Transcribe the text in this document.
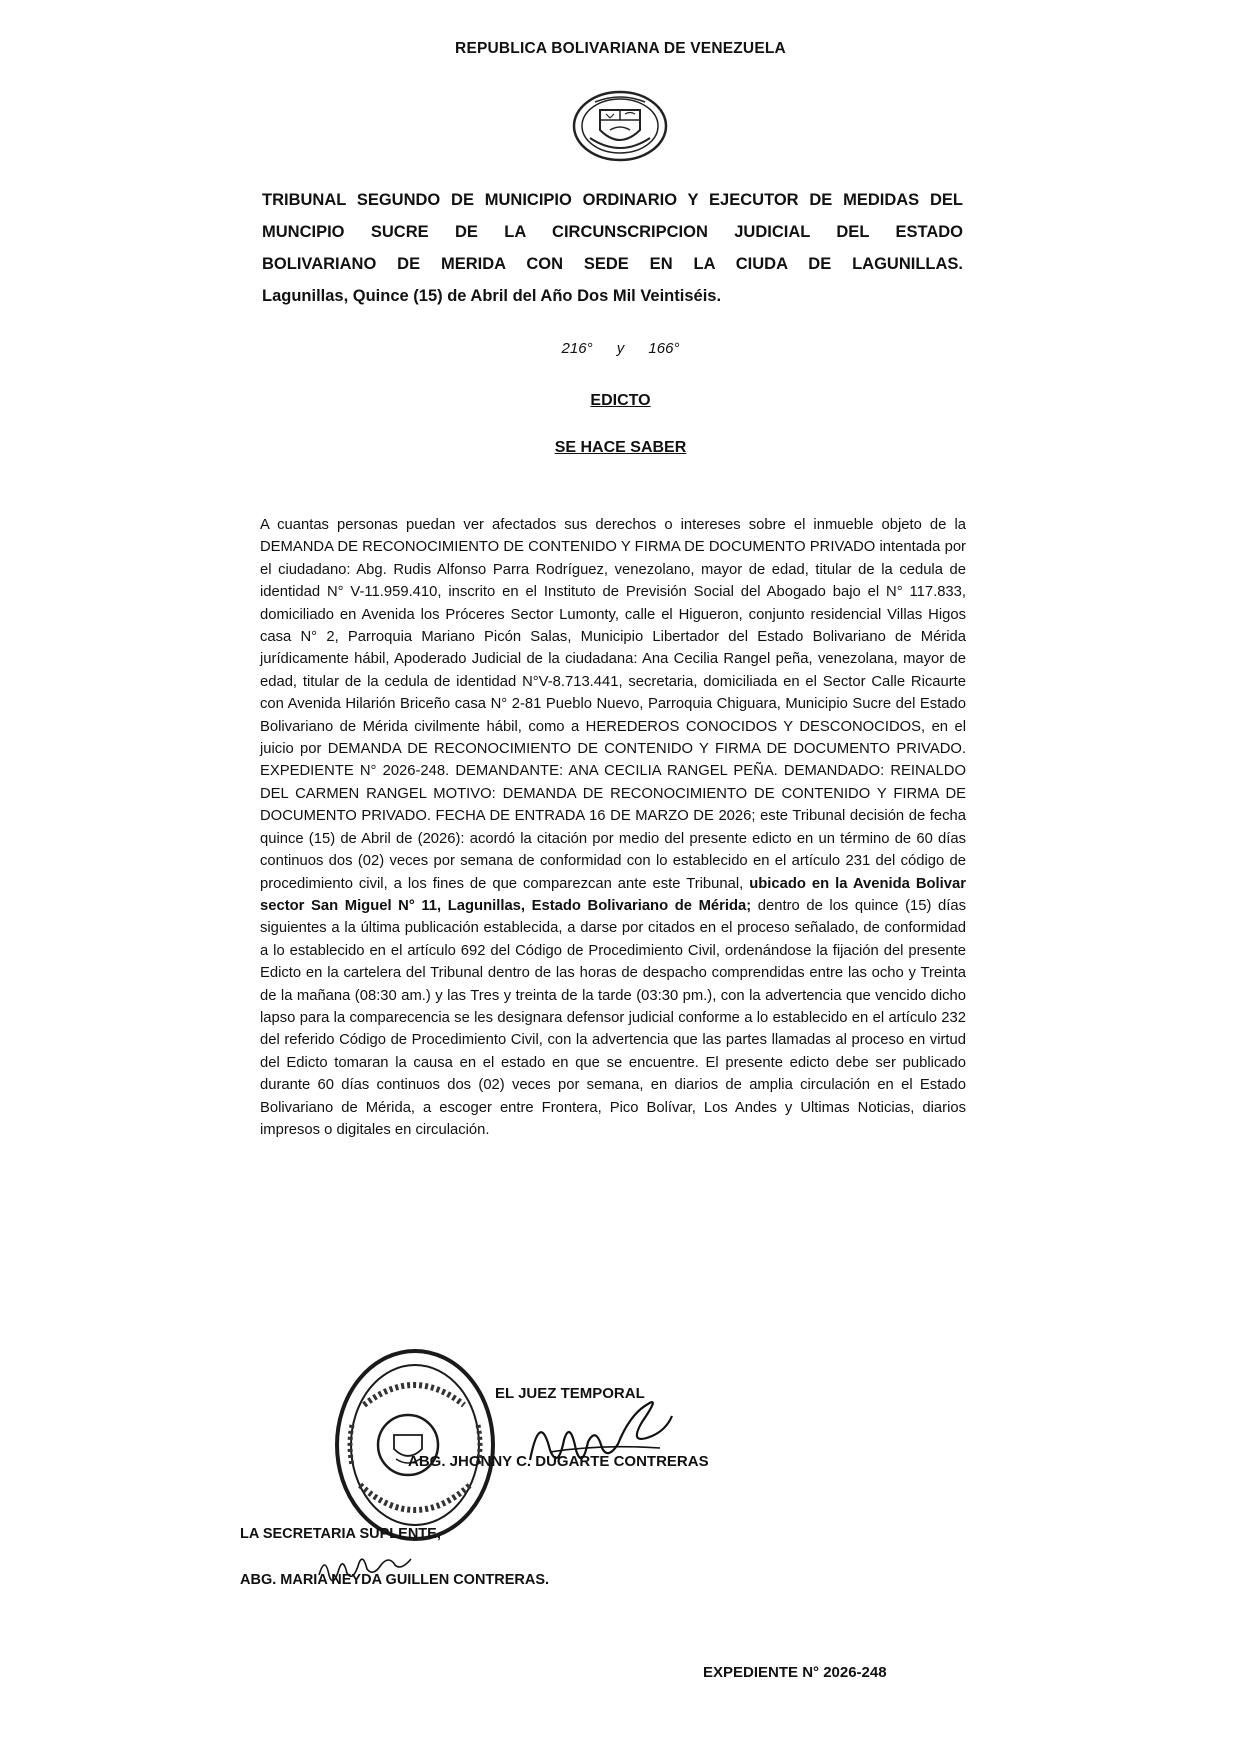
REPUBLICA BOLIVARIANA DE VENEZUELA
TRIBUNAL SEGUNDO DE MUNICIPIO ORDINARIO Y EJECUTOR DE MEDIDAS DEL
MUNCIPIO SUCRE DE LA CIRCUNSCRIPCION JUDICIAL DEL ESTADO
BOLIVARIANO DE MERIDA CON SEDE EN LA CIUDA DE LAGUNILLAS.
Lagunillas, Quince (15) de Abril del Año Dos Mil Veintiséis.
216° y 166°
EDICTO
SE HACE SABER
A cuantas personas puedan ver afectados sus derechos o intereses sobre el inmueble objeto de la DEMANDA DE RECONOCIMIENTO DE CONTENIDO Y FIRMA DE DOCUMENTO PRIVADO intentada por el ciudadano: Abg. Rudis Alfonso Parra Rodríguez, venezolano, mayor de edad, titular de la cedula de identidad N° V-11.959.410, inscrito en el Instituto de Previsión Social del Abogado bajo el N° 117.833, domiciliado en Avenida los Próceres Sector Lumonty, calle el Higueron, conjunto residencial Villas Higos casa N° 2, Parroquia Mariano Picón Salas, Municipio Libertador del Estado Bolivariano de Mérida jurídicamente hábil, Apoderado Judicial de la ciudadana: Ana Cecilia Rangel peña, venezolana, mayor de edad, titular de la cedula de identidad N°V-8.713.441, secretaria, domiciliada en el Sector Calle Ricaurte con Avenida Hilarión Briceño casa N° 2-81 Pueblo Nuevo, Parroquia Chiguara, Municipio Sucre del Estado Bolivariano de Mérida civilmente hábil, como a HEREDEROS CONOCIDOS Y DESCONOCIDOS, en el juicio por DEMANDA DE RECONOCIMIENTO DE CONTENIDO Y FIRMA DE DOCUMENTO PRIVADO. EXPEDIENTE N° 2026-248. DEMANDANTE: ANA CECILIA RANGEL PEÑA. DEMANDADO: REINALDO DEL CARMEN RANGEL MOTIVO: DEMANDA DE RECONOCIMIENTO DE CONTENIDO Y FIRMA DE DOCUMENTO PRIVADO. FECHA DE ENTRADA 16 DE MARZO DE 2026; este Tribunal decisión de fecha quince (15) de Abril de (2026): acordó la citación por medio del presente edicto en un término de 60 días continuos dos (02) veces por semana de conformidad con lo establecido en el artículo 231 del código de procedimiento civil, a los fines de que comparezcan ante este Tribunal, ubicado en la Avenida Bolivar sector San Miguel N° 11, Lagunillas, Estado Bolivariano de Mérida; dentro de los quince (15) días siguientes a la última publicación establecida, a darse por citados en el proceso señalado, de conformidad a lo establecido en el artículo 692 del Código de Procedimiento Civil, ordenándose la fijación del presente Edicto en la cartelera del Tribunal dentro de las horas de despacho comprendidas entre las ocho y Treinta de la mañana (08:30 am.) y las Tres y treinta de la tarde (03:30 pm.), con la advertencia que vencido dicho lapso para la comparecencia se les designara defensor judicial conforme a lo establecido en el artículo 232 del referido Código de Procedimiento Civil, con la advertencia que las partes llamadas al proceso en virtud del Edicto tomaran la causa en el estado en que se encuentre. El presente edicto debe ser publicado durante 60 días continuos dos (02) veces por semana, en diarios de amplia circulación en el Estado Bolivariano de Mérida, a escoger entre Frontera, Pico Bolívar, Los Andes y Ultimas Noticias, diarios impresos o digitales en circulación.
EL JUEZ TEMPORAL
ABG. JHONNY C. DUGARTE CONTRERAS
LA SECRETARIA SUPLENTE,
ABG. MARIA NEYDA GUILLEN CONTRERAS.
EXPEDIENTE N° 2026-248
